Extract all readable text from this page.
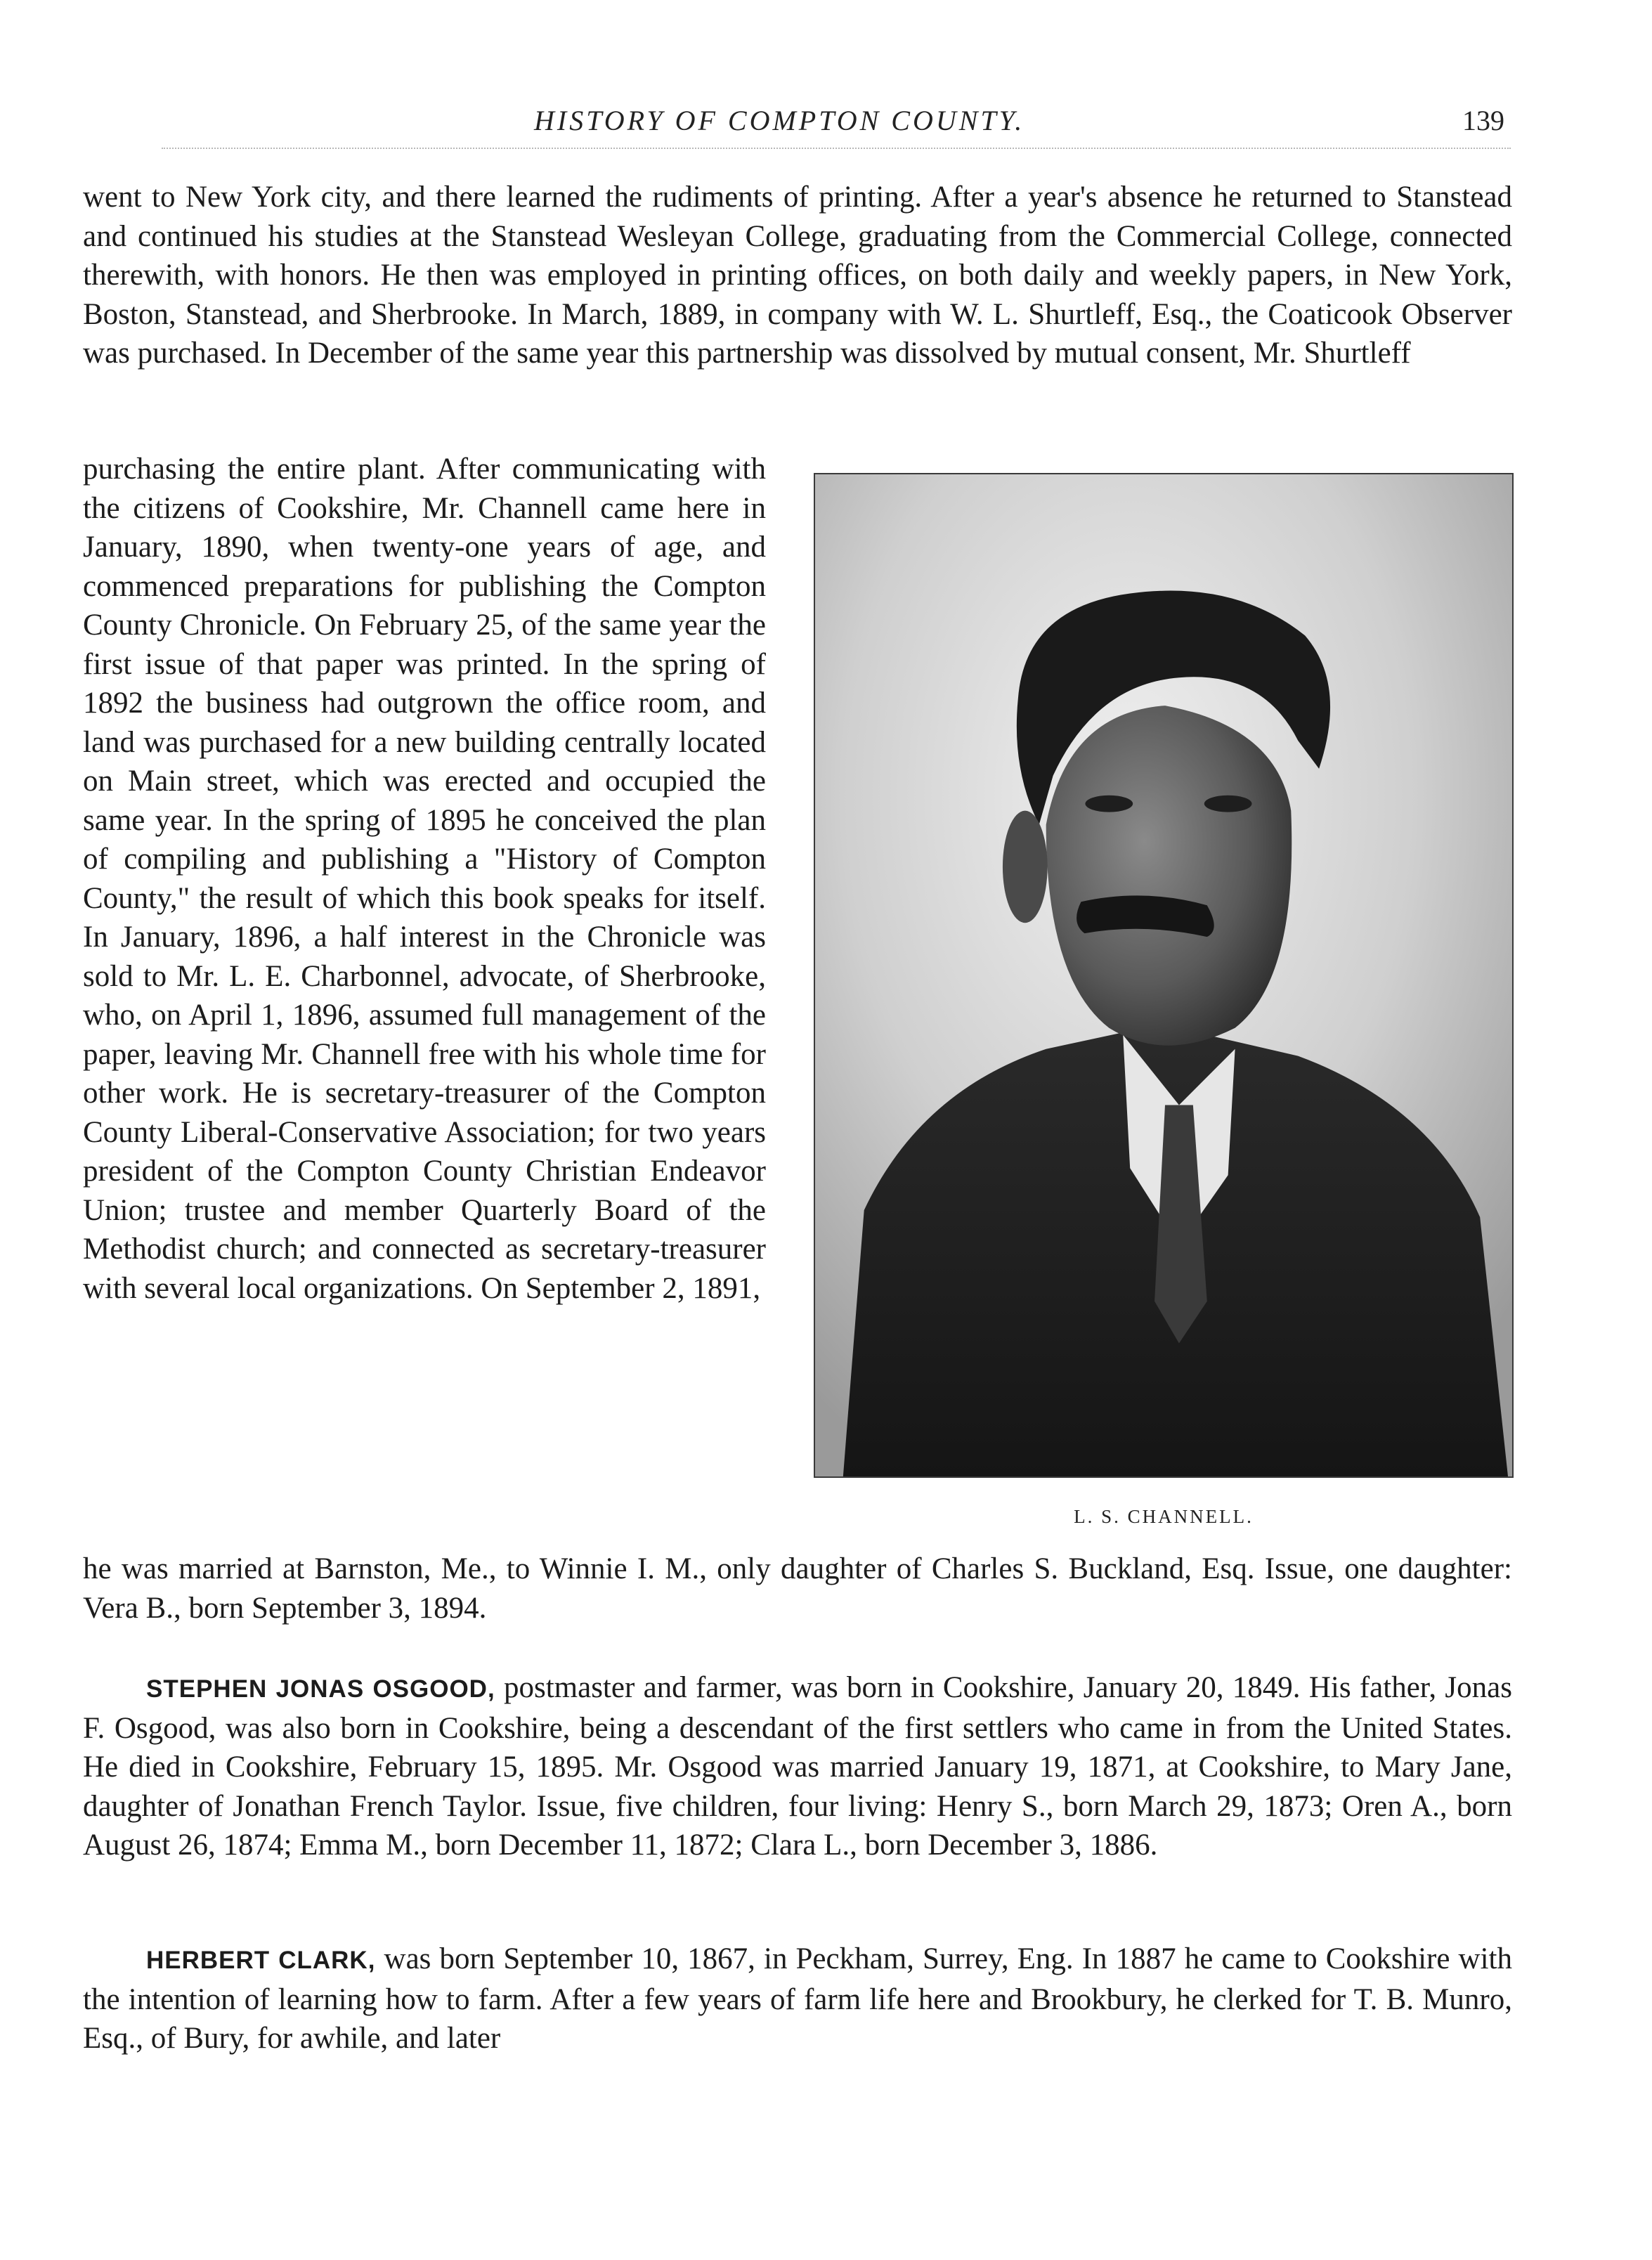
HISTORY OF COMPTON COUNTY.	139

went to New York city, and there learned the rudiments of printing. After a year's absence he returned to Stanstead and continued his studies at the Stanstead Wesleyan College, graduating from the Commercial College, connected therewith, with honors. He then was employed in printing offices, on both daily and weekly papers, in New York, Boston, Stanstead, and Sherbrooke. In March, 1889, in company with W. L. Shurtleff, Esq., the Coaticook Observer was purchased. In December of the same year this partnership was dissolved by mutual consent, Mr. Shurtleff

purchasing the entire plant. After communicating with the citizens of Cookshire, Mr. Channell came here in January, 1890, when twenty-one years of age, and commenced preparations for publishing the Compton County Chronicle. On February 25, of the same year the first issue of that paper was printed. In the spring of 1892 the business had outgrown the office room, and land was purchased for a new building centrally located on Main street, which was erected and occupied the same year. In the spring of 1895 he conceived the plan of compiling and publishing a "History of Compton County," the result of which this book speaks for itself. In January, 1896, a half interest in the Chronicle was sold to Mr. L. E. Charbonnel, advocate, of Sherbrooke, who, on April 1, 1896, assumed full management of the paper, leaving Mr. Channell free with his whole time for other work. He is secretary-treasurer of the Compton County Liberal-Conservative Association; for two years president of the Compton County Christian Endeavor Union; trustee and member Quarterly Board of the Methodist church; and connected as secretary-treasurer with several local organizations. On September 2, 1891,

L. S. CHANNELL.

he was married at Barnston, Me., to Winnie I. M., only daughter of Charles S. Buckland, Esq. Issue, one daughter: Vera B., born September 3, 1894.

STEPHEN JONAS OSGOOD, postmaster and farmer, was born in Cookshire, January 20, 1849. His father, Jonas F. Osgood, was also born in Cookshire, being a descendant of the first settlers who came in from the United States. He died in Cookshire, February 15, 1895. Mr. Osgood was married January 19, 1871, at Cookshire, to Mary Jane, daughter of Jonathan French Taylor. Issue, five children, four living: Henry S., born March 29, 1873; Oren A., born August 26, 1874; Emma M., born December 11, 1872; Clara L., born December 3, 1886.

HERBERT CLARK, was born September 10, 1867, in Peckham, Surrey, Eng. In 1887 he came to Cookshire with the intention of learning how to farm. After a few years of farm life here and Brookbury, he clerked for T. B. Munro, Esq., of Bury, for awhile, and later
